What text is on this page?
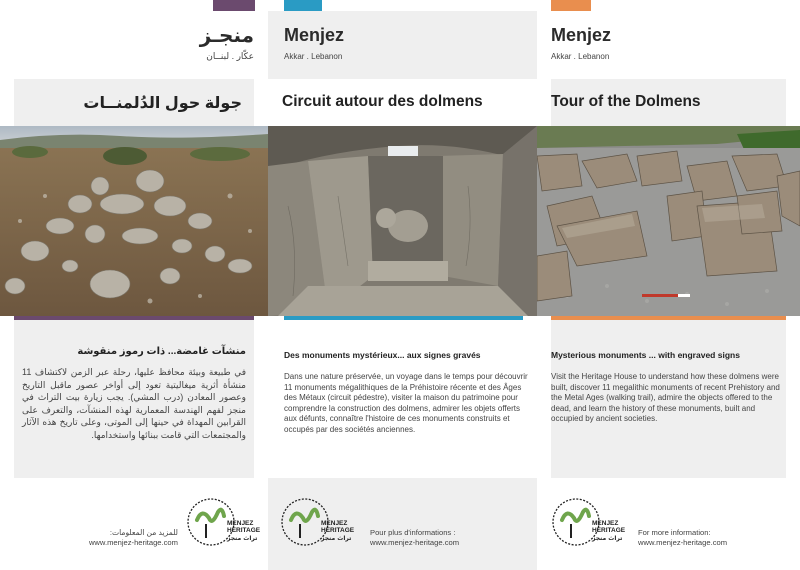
منجـز
عكّار . لبنــان
جولة حول الدُلمنــات
منشآت غامضة... ذات رموز منقوشة
في طبيعة وبيئة محافظ عليها، رحلة عبر الزمن لاكتشاف 11 منشأة أثرية ميغاليتية تعود إلى أواخر عصور ماقبل التاريخ وعصور المعادن (درب المشي). يجب زيارة بيت التراث في منجز لفهم الهندسة المعمارية لهذه المنشآت، والتعرف على القرابين المهداة في حينها إلى الموتى، وعلى تاريخ هذه الآثار والمجتمعات التي قامت ببنائها واستخدامها.
للمزيد من المعلومات:
www.menjez-heritage.com
MENJEZ
HERITAGE
تراث منجز
Menjez
Akkar . Lebanon
Circuit autour des dolmens
Des monuments mystérieux... aux signes gravés
Dans une nature préservée, un voyage dans le temps pour découvrir 11 monuments mégalithiques de la Préhistoire récente et des Âges des Métaux (circuit pédestre), visiter la maison du patrimoine pour comprendre la construction des dolmens, admirer les objets offerts aux défunts, connaître l'histoire de ces monuments construits et occupés par des sociétés anciennes.
MENJEZ
HERITAGE
تراث منجز
Pour plus d'informations :
www.menjez-heritage.com
Menjez
Akkar . Lebanon
Tour of the Dolmens
Mysterious monuments ... with engraved signs
Visit the Heritage House to understand how these dolmens were built, discover 11 megalithic monuments of recent Prehistory and the Metal Ages (walking trail), admire the objects offered to the dead, and learn the history of these monuments, built and occupied by ancient societies.
MENJEZ
HERITAGE
تراث منجز
For more information:
www.menjez-heritage.com
